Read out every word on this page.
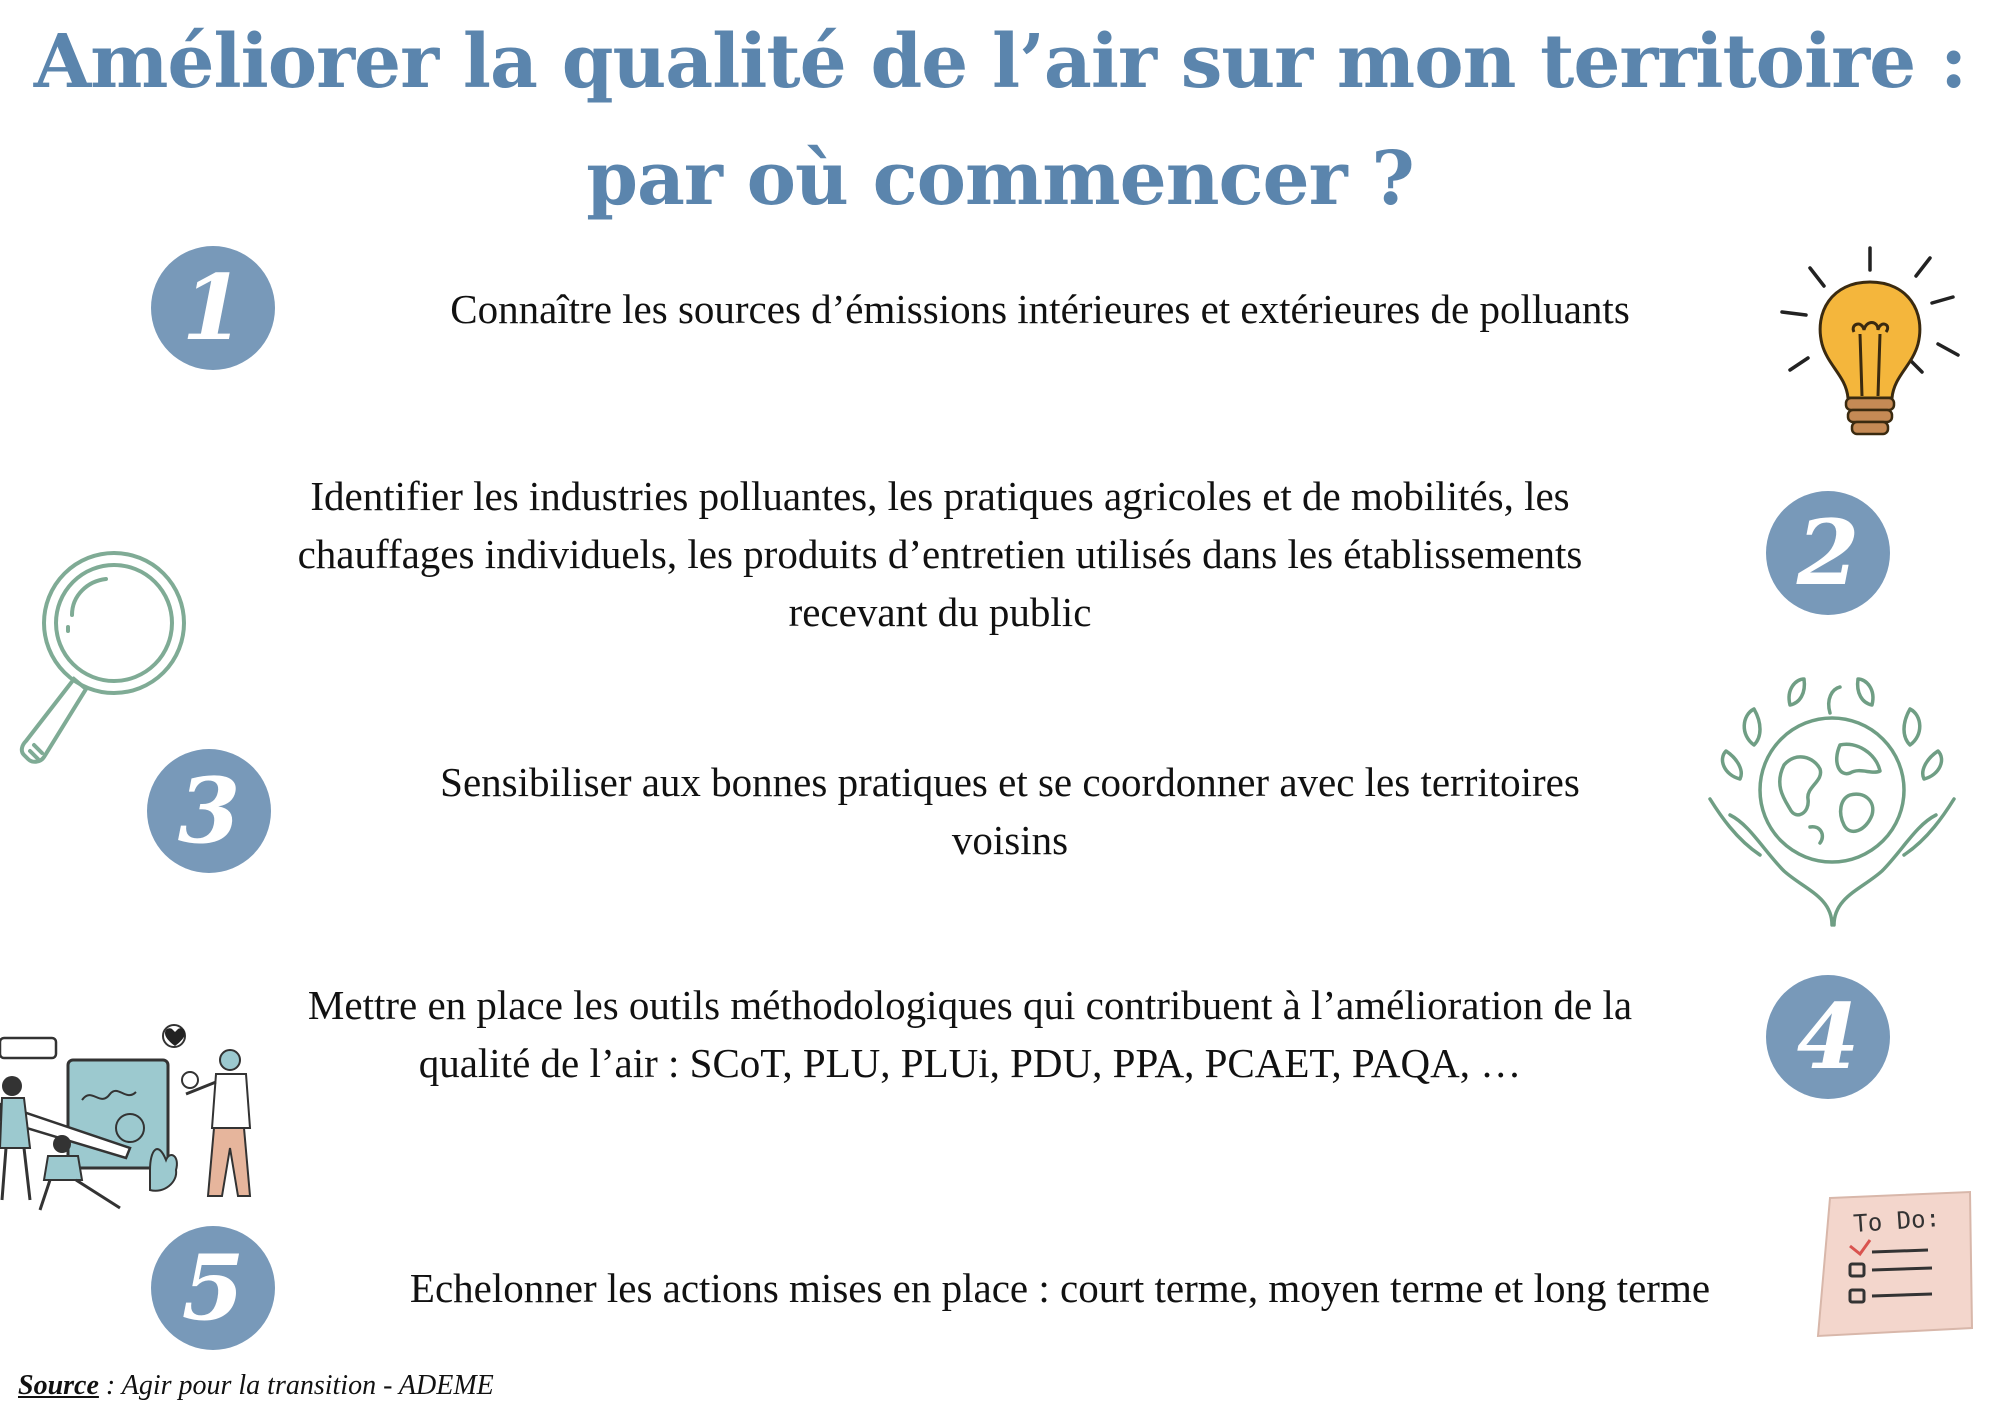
Améliorer la qualité de l’air sur mon territoire :
par où commencer ?
1	Connaître les sources d’émissions intérieures et extérieures de polluants
Identifier les industries polluantes, les pratiques agricoles et de mobilités, les
chauffages individuels, les produits d’entretien utilisés dans les établissements
recevant du public
2
3	Sensibiliser aux bonnes pratiques et se coordonner avec les territoires
voisins
Mettre en place les outils méthodologiques qui contribuent à l’amélioration de la
qualité de l’air : SCoT, PLU, PLUi, PDU, PPA, PCAET, PAQA, …	4
5	Echelonner les actions mises en place : court terme, moyen terme et long terme
To Do:
Source : Agir pour la transition - ADEME
